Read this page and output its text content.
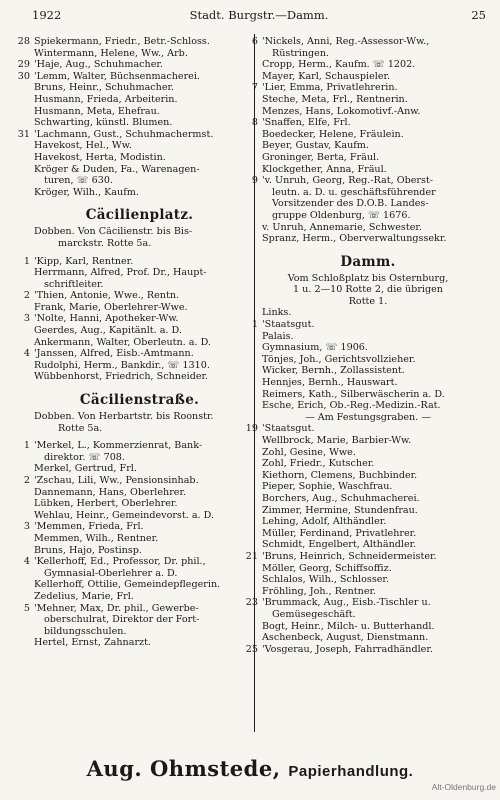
1922	Stadt. Burgstr.—Damm.	25
28 Spiekermann, Friedr., Betr.-Schloss.
Wintermann, Helene, Ww., Arb.
29 'Haje, Aug., Schuhmacher.
30 'Lemm, Walter, Büchsenmacherei.
Bruns, Heinr., Schuhmacher.
Husmann, Frieda, Arbeiterin.
Husmann, Meta, Ehefrau.
Schwarting, künstl. Blumen.
31 'Lachmann, Gust., Schuhmachermst.
Havekost, Hel., Ww.
Havekost, Herta, Modistin.
Kröger & Duden, Fa., Warenagen-
turen, ☏ 630.
Kröger, Wilh., Kaufm.
Cäcilienplatz.
Dobben. Von Cäcilienstr. bis Bis-
marckstr. Rotte 5a.
1 'Kipp, Karl, Rentner.
Herrmann, Alfred, Prof. Dr., Haupt-
schriftleiter.
2 'Thien, Antonie, Wwe., Rentn.
Frank, Marie, Oberlehrer-Wwe.
3 'Nolte, Hanni, Apotheker-Ww.
Geerdes, Aug., Kapitänlt. a. D.
Ankermann, Walter, Oberleutn. a. D.
4 'Janssen, Alfred, Eisb.-Amtmann.
Rudolphi, Herm., Bankdir., ☏ 1310.
Wübbenhorst, Friedrich, Schneider.
Cäcilienstraße.
Dobben. Von Herbartstr. bis Roonstr.
Rotte 5a.
1 'Merkel, L., Kommerzienrat, Bank-
direktor. ☏ 708.
Merkel, Gertrud, Frl.
2 'Zschau, Lili, Ww., Pensionsinhab.
Dannemann, Hans, Oberlehrer.
Lübken, Herbert, Oberlehrer.
Wehlau, Heinr., Gemeindevorst. a. D.
3 'Memmen, Frieda, Frl.
Memmen, Wilh., Rentner.
Bruns, Hajo, Postinsp.
4 'Kellerhoff, Ed., Professor, Dr. phil.,
Gymnasial-Oberlehrer a. D.
Kellerhoff, Ottilie, Gemeindepflegerin.
Zedelius, Marie, Frl.
5 'Mehner, Max, Dr. phil., Gewerbe-
oberschulrat, Direktor der Fort-
bildungsschulen.
Hertel, Ernst, Zahnarzt.
6 'Nickels, Anni, Reg.-Assessor-Ww.,
Rüstringen.
Cropp, Herm., Kaufm. ☏ 1202.
Mayer, Karl, Schauspieler.
7 'Lier, Emma, Privatlehrerin.
Steche, Meta, Frl., Rentnerin.
Menzes, Hans, Lokomotivf.-Anw.
8 'Snaffen, Elfe, Frl.
Boedecker, Helene, Fräulein.
Beyer, Gustav, Kaufm.
Groninger, Berta, Fräul.
Klockgether, Anna, Fräul.
9 'v. Unruh, Georg, Reg.-Rat, Oberst-
leutn. a. D. u. geschäftsführender
Vorsitzender des D.O.B. Landes-
gruppe Oldenburg, ☏ 1676.
v. Unruh, Annemarie, Schwester.
Spranz, Herm., Oberverwaltungssekr.
Damm.
Vom Schloßplatz bis Osternburg,
1 u. 2—10 Rotte 2, die übrigen
Rotte 1.
Links.
1 'Staatsgut.
Palais.
Gymnasium, ☏ 1906.
Tönjes, Joh., Gerichtsvollzieher.
Wicker, Bernh., Zollassistent.
Hennjes, Bernh., Hauswart.
Reimers, Kath., Silberwäscherin a. D.
Esche, Erich, Ob.-Reg.-Medizin.-Rat.
— Am Festungsgraben. —
19 'Staatsgut.
Wellbrock, Marie, Barbier-Ww.
Zohl, Gesine, Wwe.
Zohl, Friedr., Kutscher.
Kiethorn, Clemens, Buchbinder.
Pieper, Sophie, Waschfrau.
Borchers, Aug., Schuhmacherei.
Zimmer, Hermine, Stundenfrau.
Lehing, Adolf, Althändler.
Müller, Ferdinand, Privatlehrer.
Schmidt, Engelbert, Althändler.
21 'Bruns, Heinrich, Schneidermeister.
Möller, Georg, Schiffsoffiz.
Schlalos, Wilh., Schlosser.
Fröhling, Joh., Rentner.
23 'Brummack, Aug., Eisb.-Tischler u.
Gemüsegeschäft.
Bogt, Heinr., Milch- u. Butterhandl.
Aschenbeck, August, Dienstmann.
25 'Vosgerau, Joseph, Fahrradhändler.
Aug. Ohmstede, Papierhandlung.
Alt-Oldenburg.de
